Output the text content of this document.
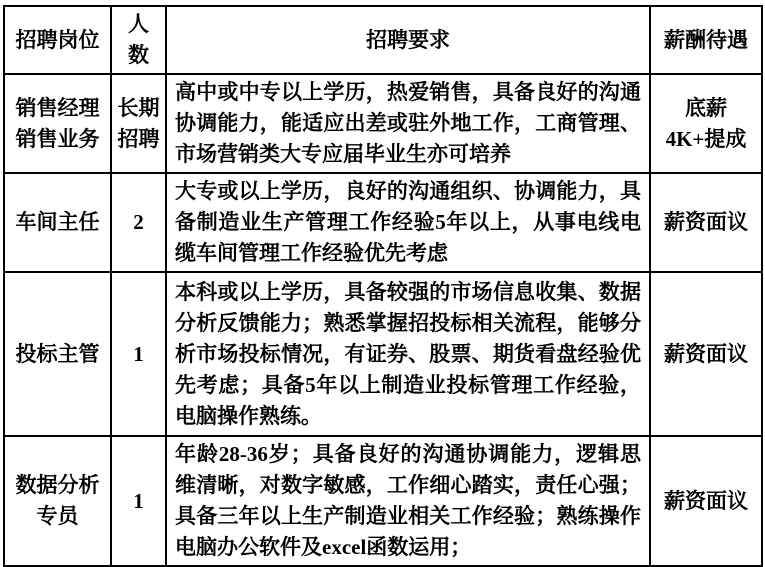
招聘岗位	人数	招聘要求	薪酬待遇
销售经理销售业务	长期招聘	高中或中专以上学历，热爱销售，具备良好的沟通协调能力，能适应出差或驻外地工作，工商管理、市场营销类大专应届毕业生亦可培养	底薪4K+提成
车间主任	2	大专或以上学历，良好的沟通组织、协调能力，具备制造业生产管理工作经验5年以上，从事电线电缆车间管理工作经验优先考虑	薪资面议
投标主管	1	本科或以上学历，具备较强的市场信息收集、数据分析反馈能力；熟悉掌握招投标相关流程，能够分析市场投标情况，有证券、股票、期货看盘经验优先考虑；具备5年以上制造业投标管理工作经验，电脑操作熟练。	薪资面议
数据分析专员	1	年龄28-36岁；具备良好的沟通协调能力，逻辑思维清晰，对数字敏感，工作细心踏实，责任心强；具备三年以上生产制造业相关工作经验；熟练操作电脑办公软件及excel函数运用；	薪资面议
